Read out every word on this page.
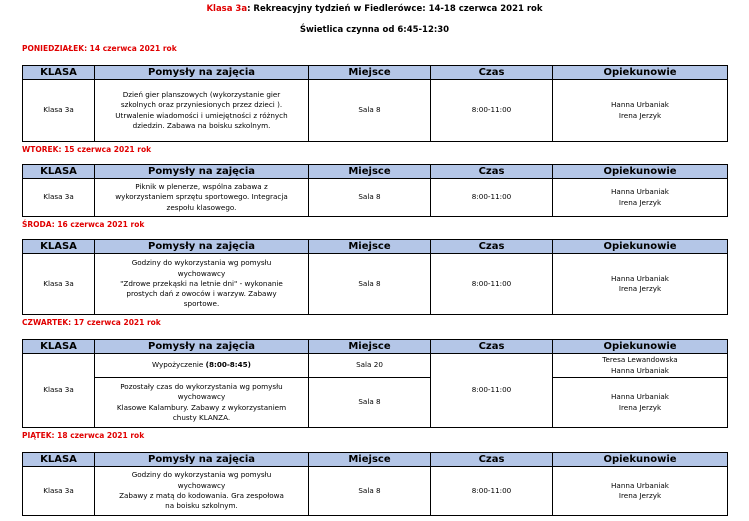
Klasa 3a: Rekreacyjny tydzień w Fiedlerówce: 14-18 czerwca 2021 rok
Świetlica czynna od 6:45-12:30
PONIEDZIAŁEK: 14 czerwca 2021 rok
KLASA	Pomysły na zajęcia	Miejsce	Czas	Opiekunowie
Klasa 3a	Dzień gier planszowych (wykorzystanie gier
szkolnych oraz przyniesionych przez dzieci ).
Utrwalenie wiadomości i umiejętności z różnych
dziedzin. Zabawa na boisku szkolnym.	Sala 8	8:00-11:00	Hanna Urbaniak
Irena Jerzyk
WTOREK: 15 czerwca 2021 rok
KLASA	Pomysły na zajęcia	Miejsce	Czas	Opiekunowie
Klasa 3a	Piknik w plenerze, wspólna zabawa z
wykorzystaniem sprzętu sportowego. Integracja
zespołu klasowego.	Sala 8	8:00-11:00	Hanna Urbaniak
Irena Jerzyk
ŚRODA: 16 czerwca 2021 rok
KLASA	Pomysły na zajęcia	Miejsce	Czas	Opiekunowie
Klasa 3a	Godziny do wykorzystania wg pomysłu
wychowawcy
"Zdrowe przekąski na letnie dni" - wykonanie
prostych dań z owoców i warzyw. Zabawy
sportowe.	Sala 8	8:00-11:00	Hanna Urbaniak
Irena Jerzyk
CZWARTEK: 17 czerwca 2021 rok
KLASA	Pomysły na zajęcia	Miejsce	Czas	Opiekunowie
Klasa 3a	Wypożyczenie (8:00-8:45)	Sala 20	8:00-11:00	Teresa Lewandowska
Hanna Urbaniak
	Pozostały czas do wykorzystania wg pomysłu
wychowawcy
Klasowe Kalambury. Zabawy z wykorzystaniem
chusty KLANZA.	Sala 8		Hanna Urbaniak
Irena Jerzyk
PIĄTEK: 18 czerwca 2021 rok
KLASA	Pomysły na zajęcia	Miejsce	Czas	Opiekunowie
Klasa 3a	Godziny do wykorzystania wg pomysłu
wychowawcy
Zabawy z matą do kodowania. Gra zespołowa
na boisku szkolnym.	Sala 8	8:00-11:00	Hanna Urbaniak
Irena Jerzyk
